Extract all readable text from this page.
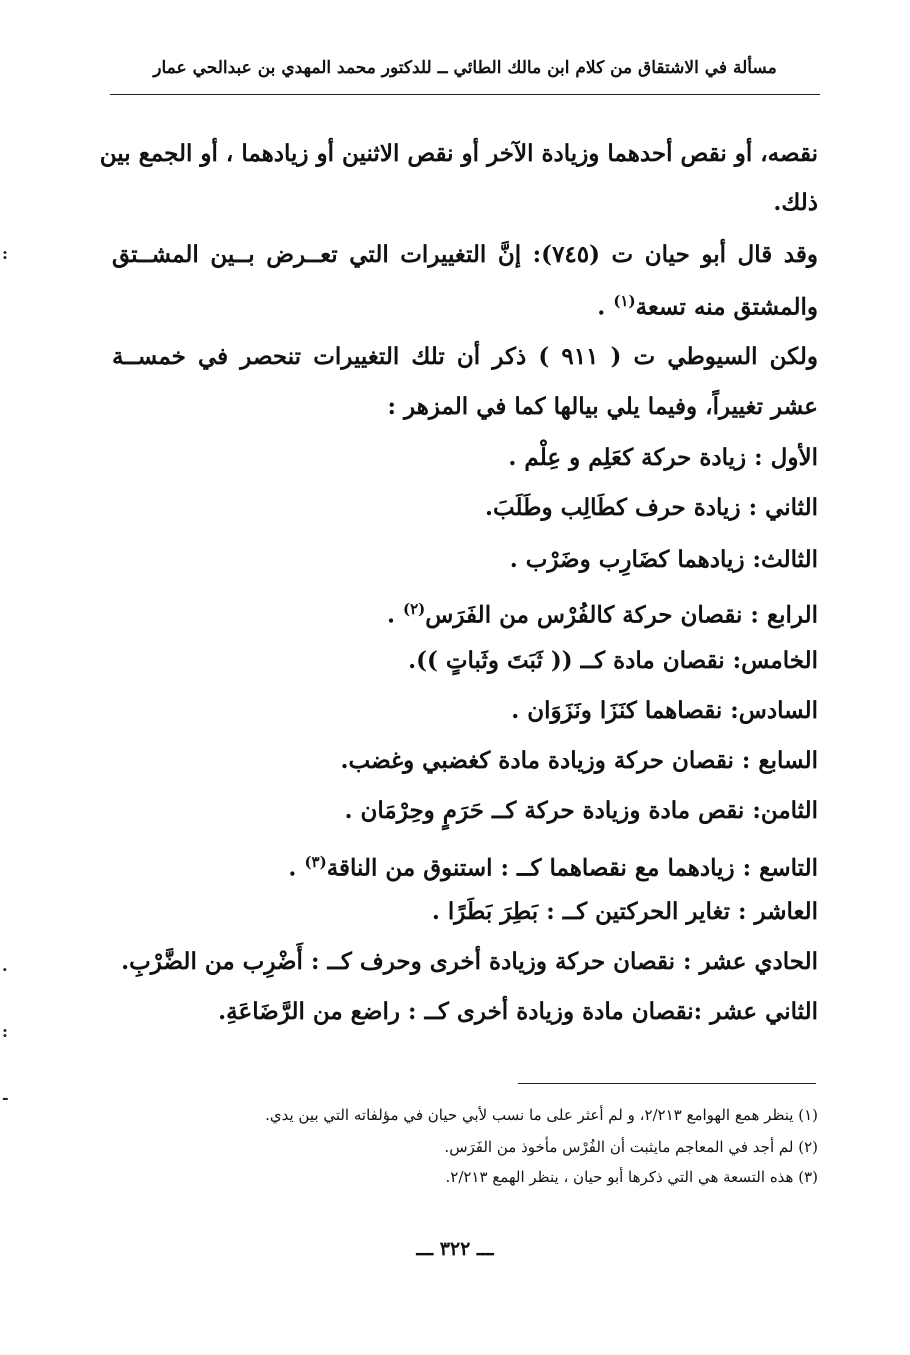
مسألة في الاشتقاق من كلام ابن مالك الطائي ــ للدكتور محمد المهدي بن عبدالحي عمار
نقصه، أو نقص أحدهما وزيادة الآخر أو نقص الاثنين أو زيادهما ، أو الجمع بين
ذلك.
وقد قال أبو حيان ت (٧٤٥): إنَّ التغييرات التي تعــرض بــين المشــتق
والمشتق منه تسعة$^{(١)}$ .
ولكن السيوطي ت ( ٩١١ ) ذكر أن تلك التغييرات تنحصر في خمســة
عشر تغييراً، وفيما يلي بيالها كما في المزهر :
الأول : زيادة حركة كعَلِم و عِلْم .
الثاني : زيادة حرف كطَالِب وطَلَبَ.
الثالث: زيادهما كضَارِب وضَرْب .
الرابع : نقصان حركة كالفُرْس من الفَرَس$^{(٢)}$ .
الخامس: نقصان مادة كــ (( ثَبَتَ وثَباتٍ )).
السادس: نقصاهما كنَزَا ونَزَوَان .
السابع : نقصان حركة وزيادة مادة كغضبي وغضب.
الثامن: نقص مادة وزيادة حركة كــ حَرَمٍ وحِرْمَان .
التاسع : زيادهما مع نقصاهما كــ : استنوق من الناقة$^{(٣)}$ .
العاشر : تغاير الحركتين كــ : بَطِرَ بَطَرًا .
الحادي عشر : نقصان حركة وزيادة أخرى وحرف كــ : أَضْرِب من الضَّرْبِ.
الثاني عشر :نقصان مادة وزيادة أخرى كــ : راضع من الرَّضَاعَةِ.
(١) ينظر همع الهوامع ٢/٢١٣، و لم أعثر على ما نسب لأبي حيان في مؤلفاته التي بين يدي.
(٢) لم أجد في المعاجم مايثبت أن الفُرْس مأخوذ من الفَرَس.
(٣) هذه التسعة هي التي ذكرها أبو حيان ، ينظر الهمع ٢/٢١٣.
ـــ ٣٢٢ ـــ
:
.
:
-
